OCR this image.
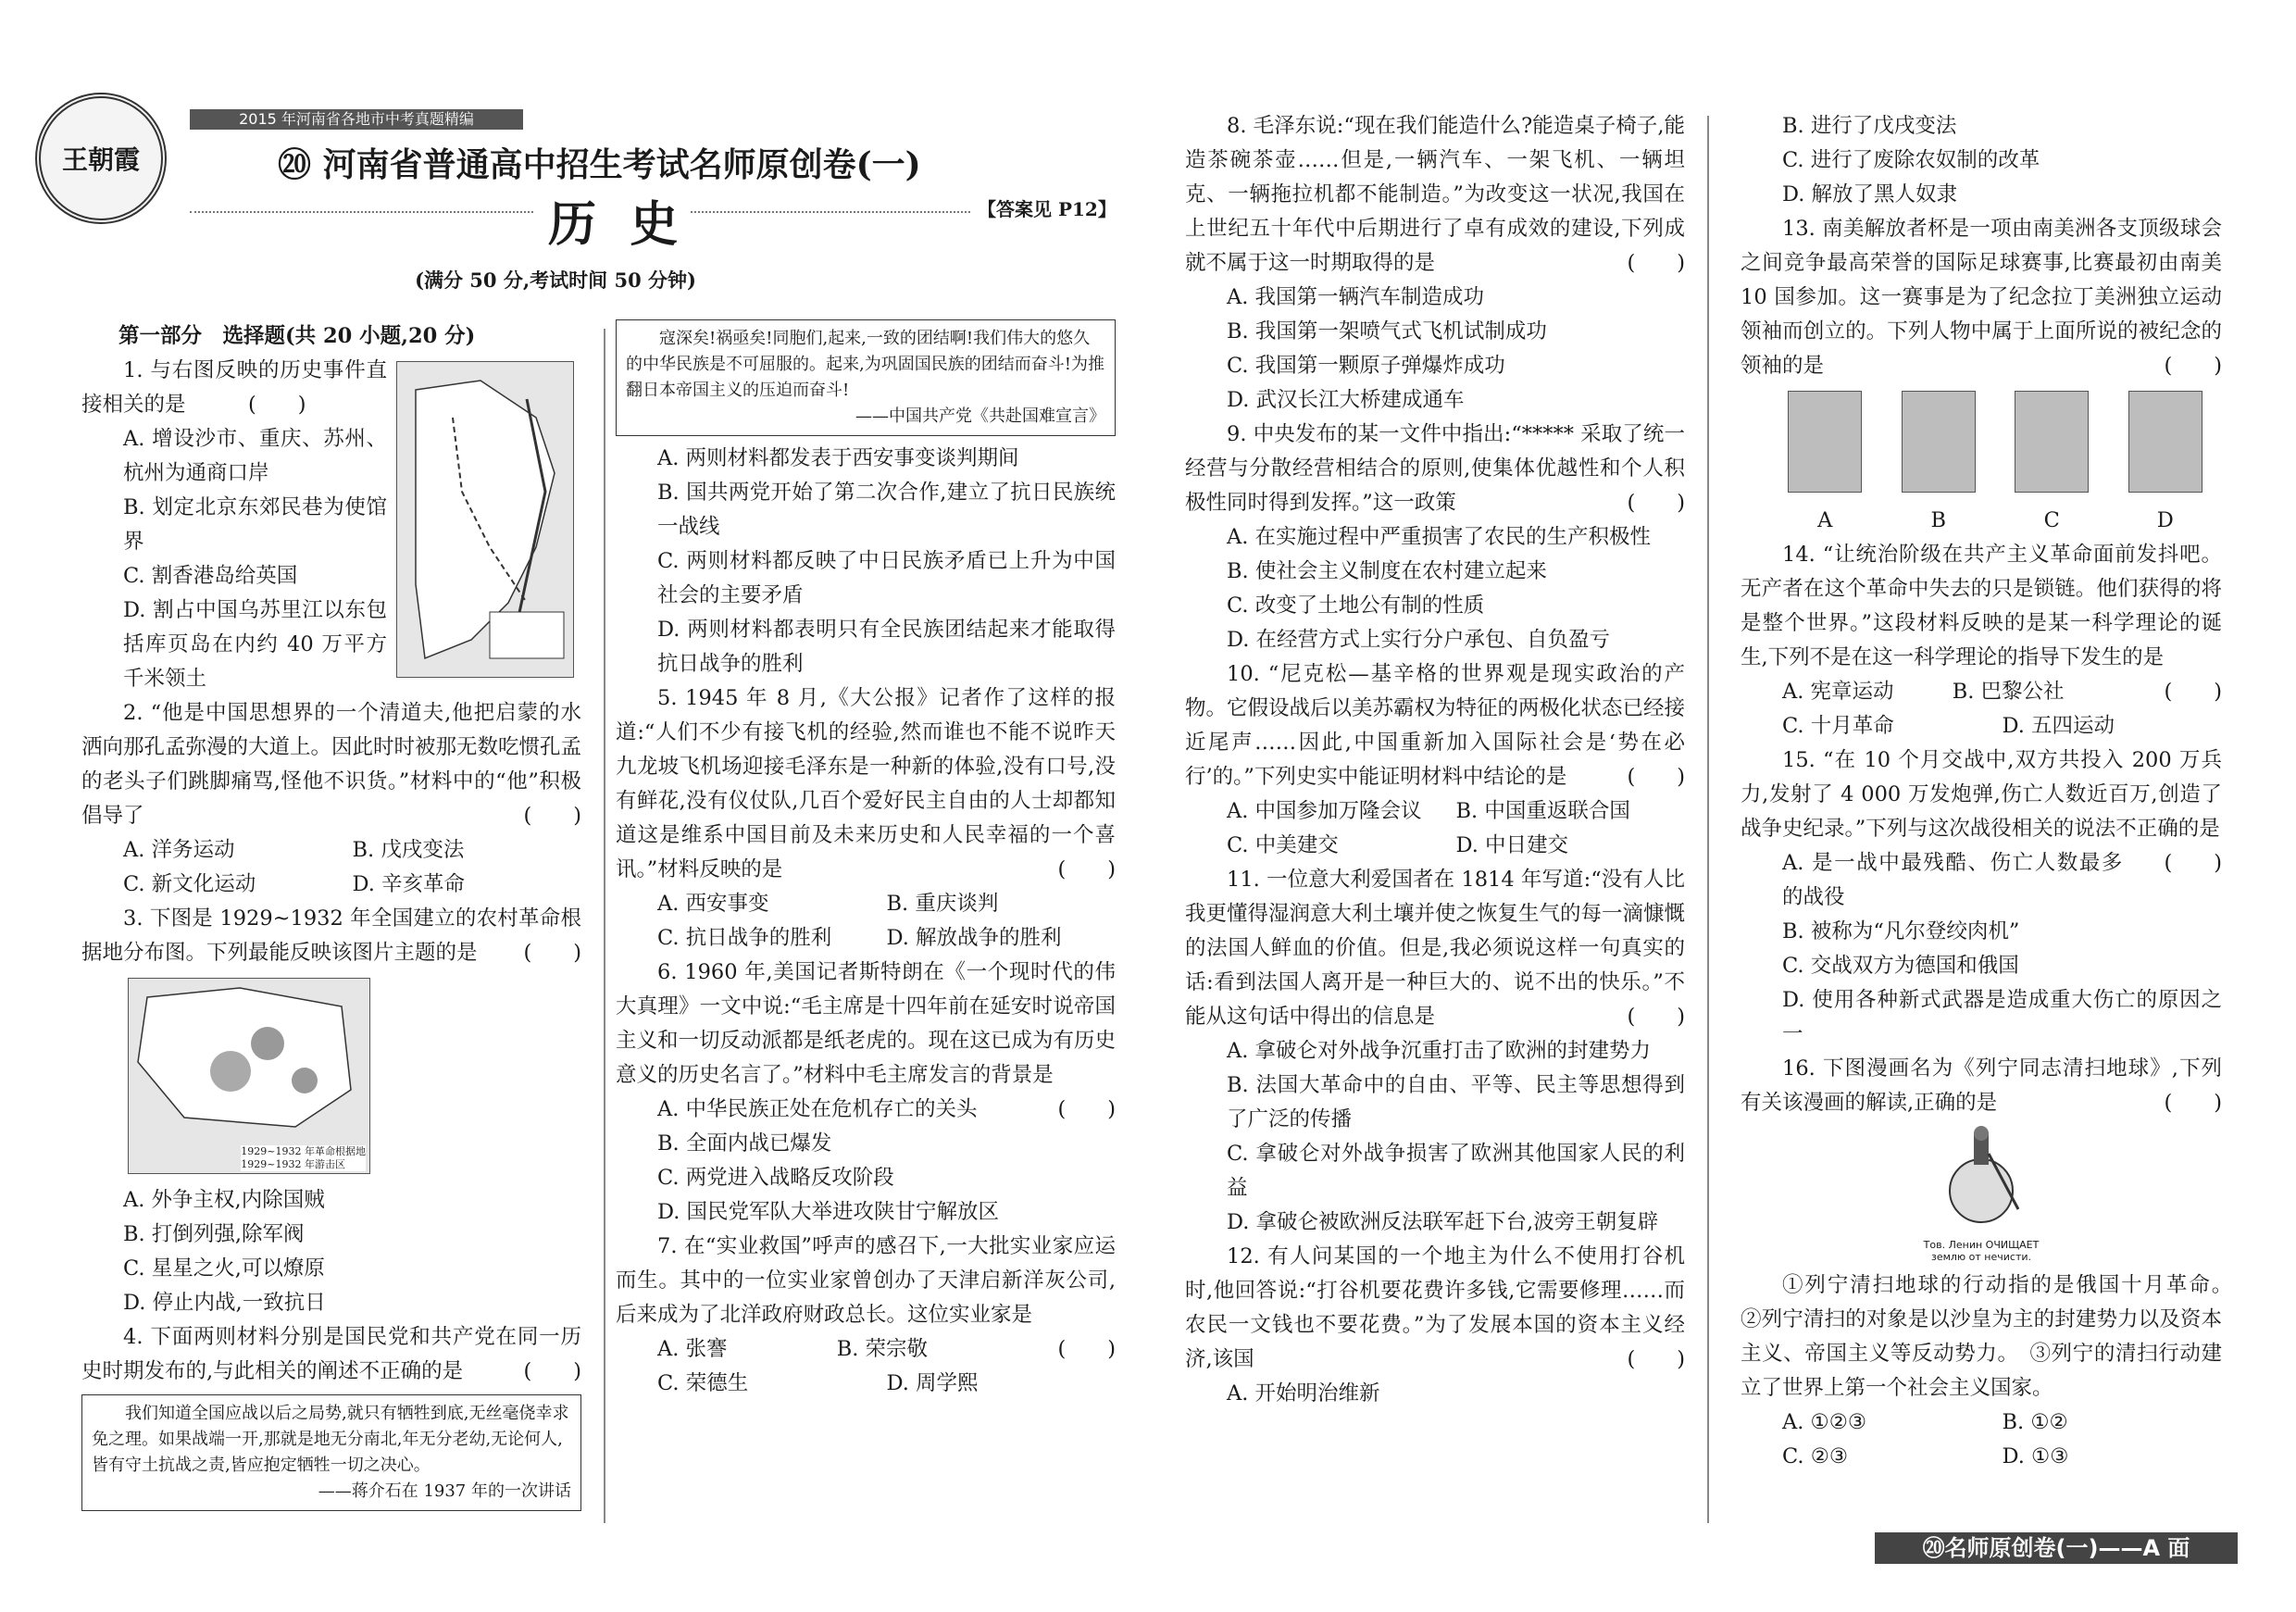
王朝霞
2015 年河南省各地市中考真题精编
⑳ 河南省普通高中招生考试名师原创卷(一)
历  史	【答案见 P12】
(满分 50 分,考试时间 50 分钟)

第一部分　选择题(共 20 小题,20 分)

1. 与右图反映的历史事件直接相关的是　　　(　　)

A. 增设沙市、重庆、苏州、杭州为通商口岸

B. 划定北京东郊民巷为使馆界

C. 割香港岛给英国

D. 割占中国乌苏里江以东包括库页岛在内约 40 万平方千米领土

2. “他是中国思想界的一个清道夫,他把启蒙的水洒向那孔孟弥漫的大道上。因此时时被那无数吃惯孔孟的老头子们跳脚痛骂,怪他不识货。”材料中的“他”积极倡导了	(　　)

A. 洋务运动	B. 戊戌变法

C. 新文化运动	D. 辛亥革命

3. 下图是 1929~1932 年全国建立的农村革命根据地分布图。下列最能反映该图片主题的是	(　　)

1929~1932 年革命根据地
1929~1932 年游击区

A. 外争主权,内除国贼

B. 打倒列强,除军阀

C. 星星之火,可以燎原

D. 停止内战,一致抗日

4. 下面两则材料分别是国民党和共产党在同一历史时期发布的,与此相关的阐述不正确的是	(　　)

我们知道全国应战以后之局势,就只有牺牲到底,无丝毫侥幸求免之理。如果战端一开,那就是地无分南北,年无分老幼,无论何人,皆有守土抗战之责,皆应抱定牺牲一切之决心。
——蒋介石在 1937 年的一次讲话
寇深矣!祸亟矣!同胞们,起来,一致的团结啊!我们伟大的悠久的中华民族是不可屈服的。起来,为巩固国民族的团结而奋斗!为推翻日本帝国主义的压迫而奋斗!
——中国共产党《共赴国难宣言》

A. 两则材料都发表于西安事变谈判期间

B. 国共两党开始了第二次合作,建立了抗日民族统一战线

C. 两则材料都反映了中日民族矛盾已上升为中国社会的主要矛盾

D. 两则材料都表明只有全民族团结起来才能取得抗日战争的胜利

5. 1945 年 8 月,《大公报》记者作了这样的报道:“人们不少有接飞机的经验,然而谁也不能不说昨天九龙坡飞机场迎接毛泽东是一种新的体验,没有口号,没有鲜花,没有仪仗队,几百个爱好民主自由的人士却都知道这是维系中国目前及未来历史和人民幸福的一个喜讯。”材料反映的是	(　　)

A. 西安事变	B. 重庆谈判

C. 抗日战争的胜利	D. 解放战争的胜利

6. 1960 年,美国记者斯特朗在《一个现时代的伟大真理》一文中说:“毛主席是十四年前在延安时说帝国主义和一切反动派都是纸老虎的。现在这已成为有历史意义的历史名言了。”材料中毛主席发言的背景是
(　　)

A. 中华民族正处在危机存亡的关头

B. 全面内战已爆发

C. 两党进入战略反攻阶段

D. 国民党军队大举进攻陕甘宁解放区

7. 在“实业救国”呼声的感召下,一大批实业家应运而生。其中的一位实业家曾创办了天津启新洋灰公司,后来成为了北洋政府财政总长。这位实业家是
(　　)

A. 张謇	B. 荣宗敬

C. 荣德生	D. 周学熙

8. 毛泽东说:“现在我们能造什么?能造桌子椅子,能造茶碗茶壶……但是,一辆汽车、一架飞机、一辆坦克、一辆拖拉机都不能制造。”为改变这一状况,我国在上世纪五十年代中后期进行了卓有成效的建设,下列成就不属于这一时期取得的是	(　　)

A. 我国第一辆汽车制造成功

B. 我国第一架喷气式飞机试制成功

C. 我国第一颗原子弹爆炸成功

D. 武汉长江大桥建成通车

9. 中央发布的某一文件中指出:“***** 采取了统一经营与分散经营相结合的原则,使集体优越性和个人积极性同时得到发挥。”这一政策	(　　)

A. 在实施过程中严重损害了农民的生产积极性

B. 使社会主义制度在农村建立起来

C. 改变了土地公有制的性质

D. 在经营方式上实行分户承包、自负盈亏

10. “尼克松—基辛格的世界观是现实政治的产物。它假设战后以美苏霸权为特征的两极化状态已经接近尾声……因此,中国重新加入国际社会是‘势在必行’的。”下列史实中能证明材料中结论的是	(　　)

A. 中国参加万隆会议	B. 中国重返联合国

C. 中美建交	D. 中日建交

11. 一位意大利爱国者在 1814 年写道:“没有人比我更懂得湿润意大利土壤并使之恢复生气的每一滴慷慨的法国人鲜血的价值。但是,我必须说这样一句真实的话:看到法国人离开是一种巨大的、说不出的快乐。”不能从这句话中得出的信息是	(　　)

A. 拿破仑对外战争沉重打击了欧洲的封建势力

B. 法国大革命中的自由、平等、民主等思想得到了广泛的传播

C. 拿破仑对外战争损害了欧洲其他国家人民的利益

D. 拿破仑被欧洲反法联军赶下台,波旁王朝复辟

12. 有人问某国的一个地主为什么不使用打谷机时,他回答说:“打谷机要花费许多钱,它需要修理……而农民一文钱也不要花费。”为了发展本国的资本主义经济,该国	(　　)

A. 开始明治维新

B. 进行了戊戌变法

C. 进行了废除农奴制的改革

D. 解放了黑人奴隶

13. 南美解放者杯是一项由南美洲各支顶级球会之间竞争最高荣誉的国际足球赛事,比赛最初由南美 10 国参加。这一赛事是为了纪念拉丁美洲独立运动领袖而创立的。下列人物中属于上面所说的被纪念的领袖的是	(　　)

A	B	C	D

14. “让统治阶级在共产主义革命面前发抖吧。无产者在这个革命中失去的只是锁链。他们获得的将是整个世界。”这段材料反映的是某一科学理论的诞生,下列不是在这一科学理论的指导下发生的是
(　　)

A. 宪章运动	B. 巴黎公社

C. 十月革命	D. 五四运动

15. “在 10 个月交战中,双方共投入 200 万兵力,发射了 4 000 万发炮弹,伤亡人数近百万,创造了战争史纪录。”下列与这次战役相关的说法不正确的是
(　　)

A. 是一战中最残酷、伤亡人数最多的战役

B. 被称为“凡尔登绞肉机”

C. 交战双方为德国和俄国

D. 使用各种新式武器是造成重大伤亡的原因之一

16. 下图漫画名为《列宁同志清扫地球》,下列有关该漫画的解读,正确的是	(　　)

Тов. Ленин ОЧИЩАЕТ
землю от нечисти.

①列宁清扫地球的行动指的是俄国十月革命。　②列宁清扫的对象是以沙皇为主的封建势力以及资本主义、帝国主义等反动势力。　③列宁的清扫行动建立了世界上第一个社会主义国家。

A. ①②③	B. ①②

C. ②③	D. ①③

⑳名师原创卷(一)——A 面
